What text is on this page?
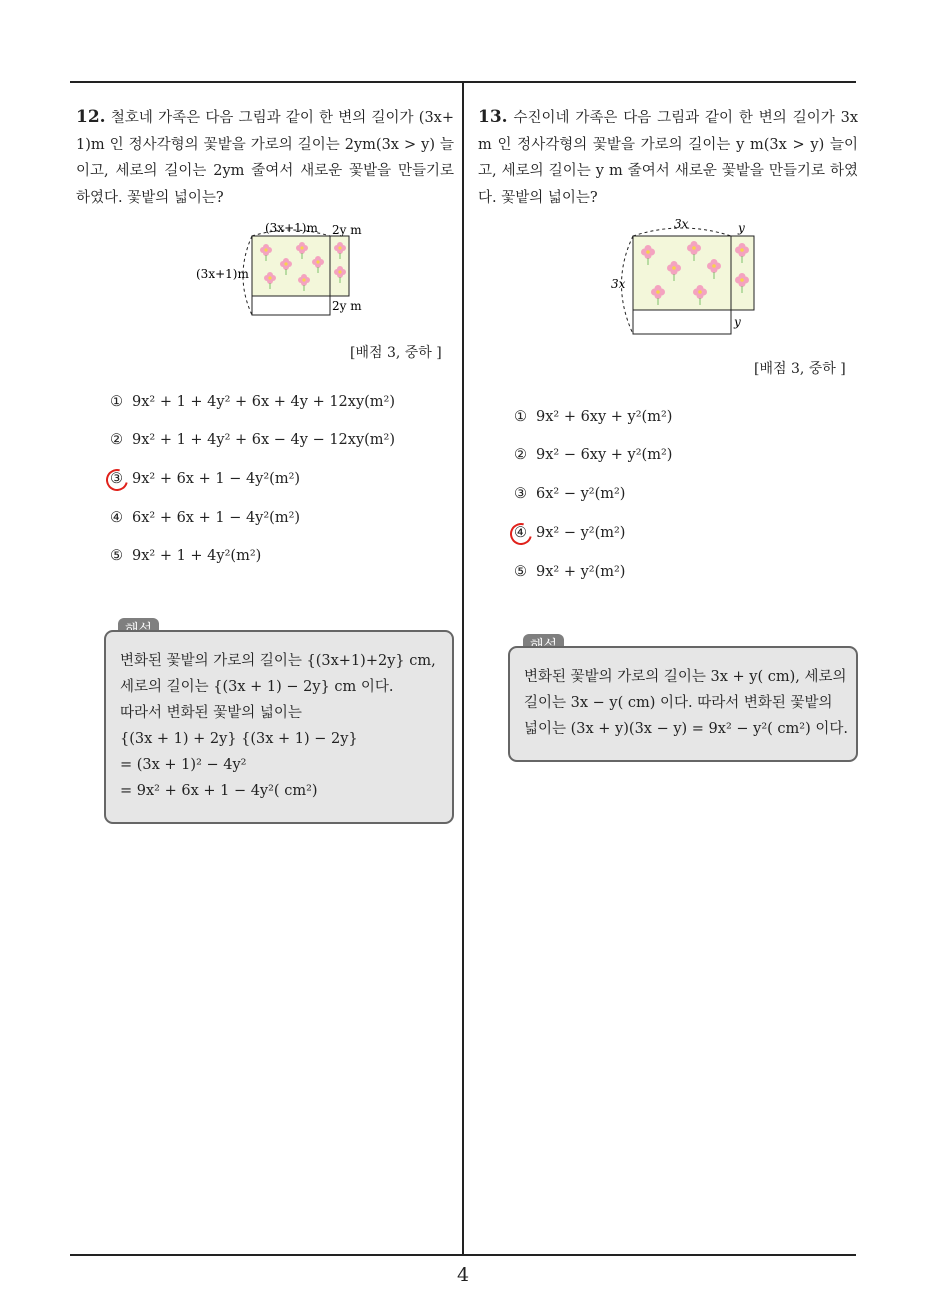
12. 철호네 가족은 다음 그림과 같이 한 변의 길이가 (3x+ 1)m 인 정사각형의 꽃밭을 가로의 길이는 2ym(3x > y) 늘이고, 세로의 길이는 2ym 줄여서 새로운 꽃밭을 만들기로 하였다. 꽃밭의 넓이는?
(3x+1)m 2y m
(3x+1)m
2y m
[배점 3, 중하 ]
① 9x² + 1 + 4y² + 6x + 4y + 12xy(m²)
② 9x² + 1 + 4y² + 6x − 4y − 12xy(m²)
③ 9x² + 6x + 1 − 4y²(m²)
④ 6x² + 6x + 1 − 4y²(m²)
⑤ 9x² + 1 + 4y²(m²)
변화된 꽃밭의 가로의 길이는 {(3x+1)+2y} cm,
세로의 길이는 {(3x + 1) − 2y} cm 이다.
따라서 변화된 꽃밭의 넓이는
{(3x + 1) + 2y} {(3x + 1) − 2y}
= (3x + 1)² − 4y²
= 9x² + 6x + 1 − 4y²( cm²)
13. 수진이네 가족은 다음 그림과 같이 한 변의 길이가 3x m 인 정사각형의 꽃밭을 가로의 길이는 y m(3x > y) 늘이고, 세로의 길이는 y m 줄여서 새로운 꽃밭을 만들기로 하였다. 꽃밭의 넓이는?
3x	y
3x
y
[배점 3, 중하 ]
① 9x² + 6xy + y²(m²)
② 9x² − 6xy + y²(m²)
③ 6x² − y²(m²)
④ 9x² − y²(m²)
⑤ 9x² + y²(m²)
변화된 꽃밭의 가로의 길이는 3x + y( cm), 세로의
길이는 3x − y( cm) 이다. 따라서 변화된 꽃밭의
넓이는 (3x + y)(3x − y) = 9x² − y²( cm²) 이다.
4
